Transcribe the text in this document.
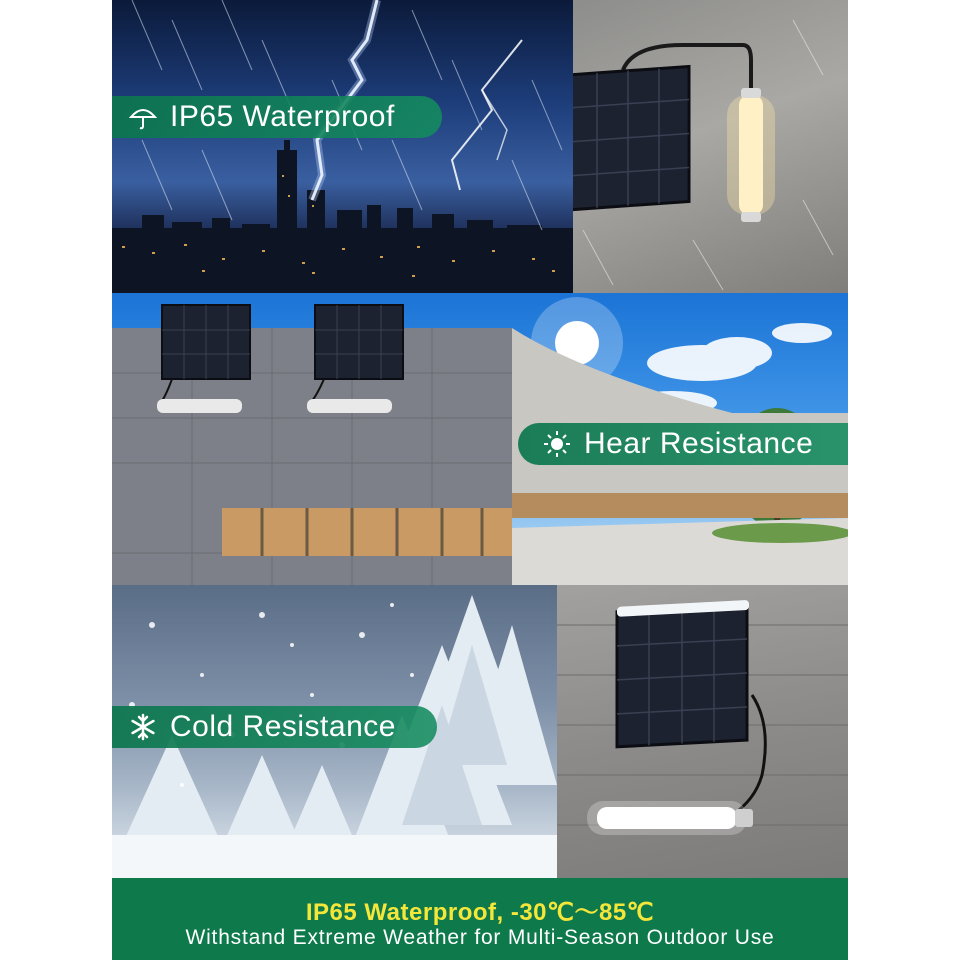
IP65 Waterproof
Hear Resistance
Cold Resistance
IP65 Waterproof, -30℃～85℃
Withstand Extreme Weather for Multi-Season Outdoor Use
